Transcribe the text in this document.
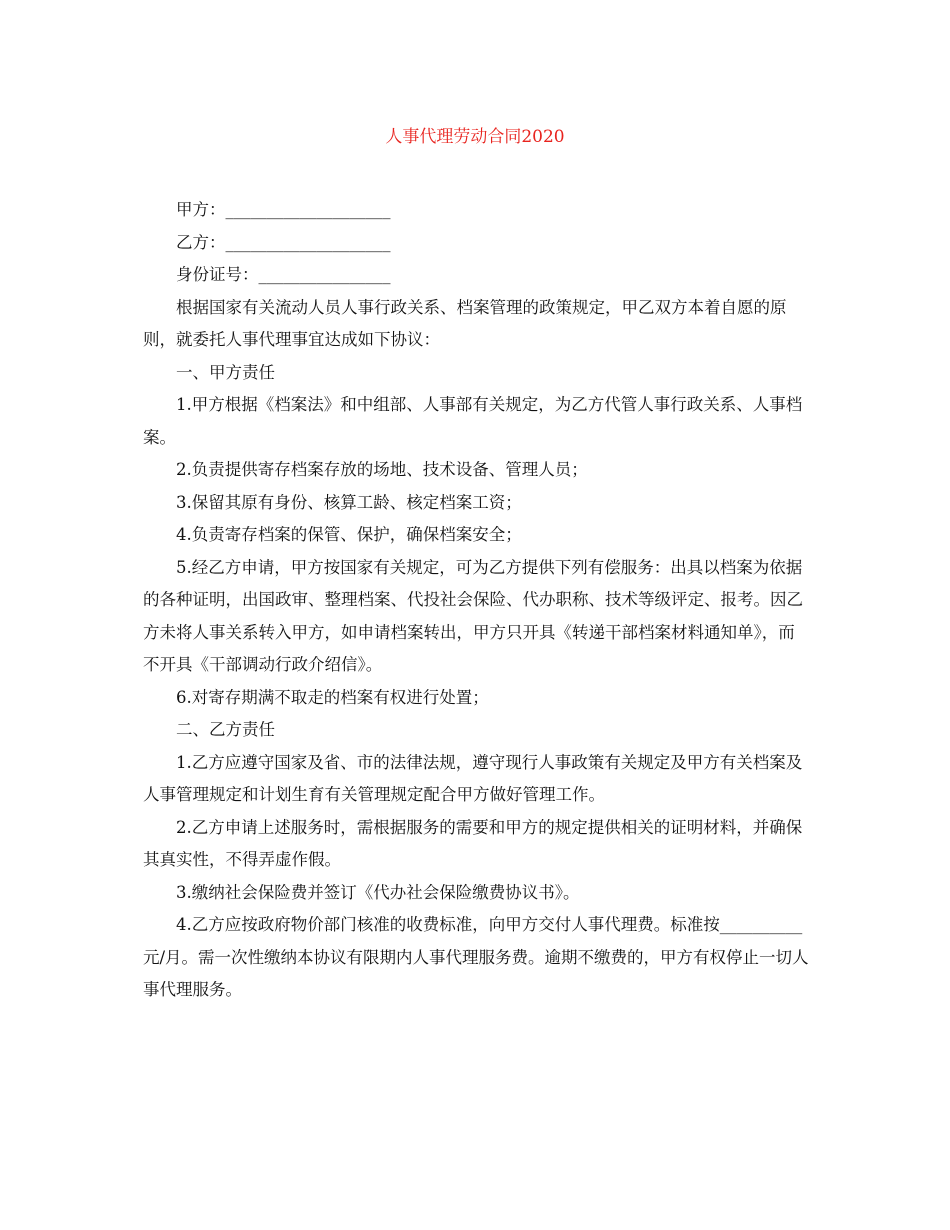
人事代理劳动合同2020

甲方：____________________

乙方：____________________

身份证号：________________

根据国家有关流动人员人事行政关系、档案管理的政策规定，甲乙双方本着自愿的原则，就委托人事代理事宜达成如下协议：

一、甲方责任

1.甲方根据《档案法》和中组部、人事部有关规定，为乙方代管人事行政关系、人事档案。

2.负责提供寄存档案存放的场地、技术设备、管理人员；

3.保留其原有身份、核算工龄、核定档案工资；

4.负责寄存档案的保管、保护，确保档案安全；

5.经乙方申请，甲方按国家有关规定，可为乙方提供下列有偿服务：出具以档案为依据的各种证明，出国政审、整理档案、代投社会保险、代办职称、技术等级评定、报考。因乙方未将人事关系转入甲方，如申请档案转出，甲方只开具《转递干部档案材料通知单》，而不开具《干部调动行政介绍信》。

6.对寄存期满不取走的档案有权进行处置；

二、乙方责任

1.乙方应遵守国家及省、市的法律法规，遵守现行人事政策有关规定及甲方有关档案及人事管理规定和计划生育有关管理规定配合甲方做好管理工作。

2.乙方申请上述服务时，需根据服务的需要和甲方的规定提供相关的证明材料，并确保其真实性，不得弄虚作假。

3.缴纳社会保险费并签订《代办社会保险缴费协议书》。

4.乙方应按政府物价部门核准的收费标准，向甲方交付人事代理费。标准按__________元/月。需一次性缴纳本协议有限期内人事代理服务费。逾期不缴费的，甲方有权停止一切人事代理服务。
